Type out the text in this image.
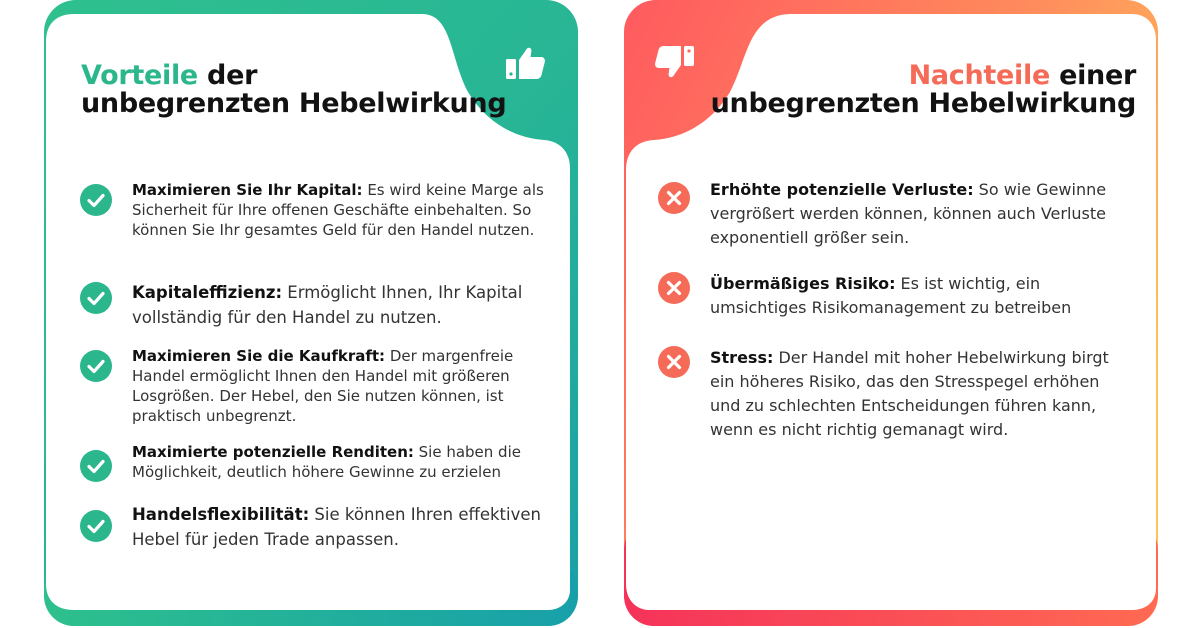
Vorteile der
unbegrenzten Hebelwirkung
Maximieren Sie Ihr Kapital: Es wird keine Marge als Sicherheit für Ihre offenen Geschäfte einbehalten. So können Sie Ihr gesamtes Geld für den Handel nutzen.
Kapitaleffizienz: Ermöglicht Ihnen, Ihr Kapital vollständig für den Handel zu nutzen.
Maximieren Sie die Kaufkraft: Der margenfreie Handel ermöglicht Ihnen den Handel mit größeren Losgrößen. Der Hebel, den Sie nutzen können, ist praktisch unbegrenzt.
Maximierte potenzielle Renditen: Sie haben die Möglichkeit, deutlich höhere Gewinne zu erzielen
Handelsflexibilität: Sie können Ihren effektiven Hebel für jeden Trade anpassen.
Nachteile einer
unbegrenzten Hebelwirkung
Erhöhte potenzielle Verluste: So wie Gewinne vergrößert werden können, können auch Verluste exponentiell größer sein.
Übermäßiges Risiko: Es ist wichtig, ein umsichtiges Risikomanagement zu betreiben
Stress: Der Handel mit hoher Hebelwirkung birgt ein höheres Risiko, das den Stresspegel erhöhen und zu schlechten Entscheidungen führen kann, wenn es nicht richtig gemanagt wird.
